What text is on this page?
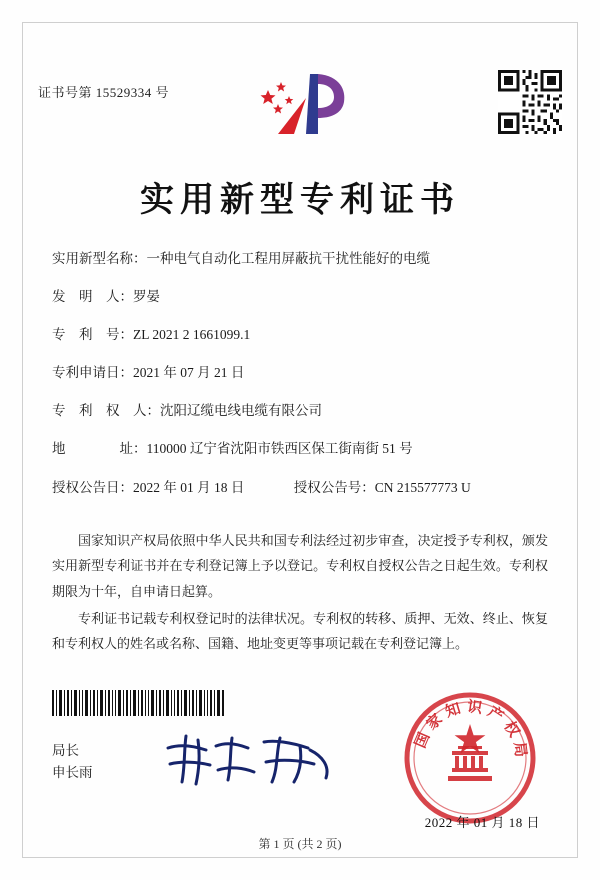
证书号第 15529334 号
实用新型专利证书
实用新型名称：一种电气自动化工程用屏蔽抗干扰性能好的电缆
发　明　人：罗晏
专　利　号：ZL 2021 2 1661099.1
专利申请日：2021 年 07 月 21 日
专　利　权　人：沈阳辽缆电线电缆有限公司
地　　　　址：110000 辽宁省沈阳市铁西区保工街南街 51 号
授权公告日：2022 年 01 月 18 日	授权公告号：CN 215577773 U

国家知识产权局依照中华人民共和国专利法经过初步审查，决定授予专利权，颁发实用新型专利证书并在专利登记簿上予以登记。专利权自授权公告之日起生效。专利权期限为十年，自申请日起算。

专利证书记载专利权登记时的法律状况。专利权的转移、质押、无效、终止、恢复和专利权人的姓名或名称、国籍、地址变更等事项记载在专利登记簿上。

局长
申长雨
国家知识产权局
2022 年 01 月 18 日
第 1 页 (共 2 页)
